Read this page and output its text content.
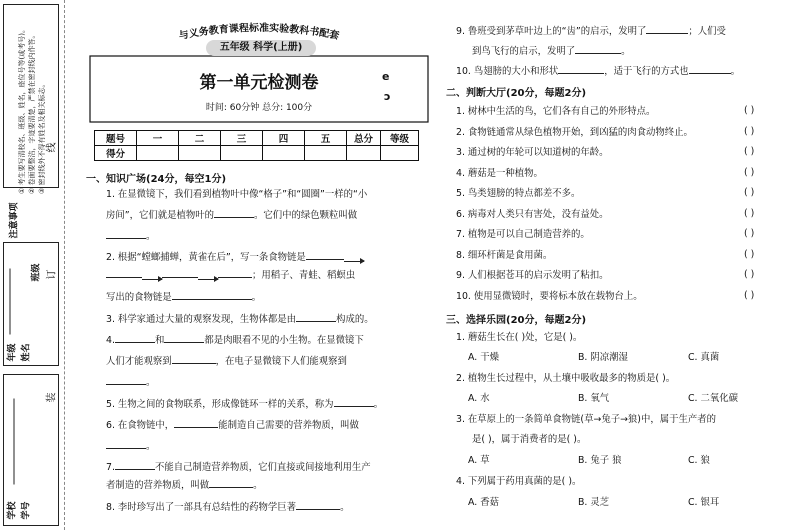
① 考生要写清校名、班级、姓名，座位号等(或考号)。 ② 卷面要整洁，字迹要清楚，严禁在密封线内作答。 ③ 密封线外不得有姓名及相关标志。
注意事项
年级 姓名
班级
学校 学号
线
订
装
与义务教育课程标准实验教科书配套
五年级 科学(上册)
第一单元检测卷
时间: 60分钟 总分: 100分
e
ɔ
题号	一	二	三	四	五	总分	等级
得分							
一、知识广场(24分，每空1分)
1. 在显微镜下，我们看到植物叶中像“格子”和“圆圈”一样的“小
房间”，它们就是植物叶的	。它们中的绿色颗粒叫做
。
2. 根据“螳螂捕蝉，黄雀在后”，写一条食物链是
；用稻子、青蛙、稻螟虫
写出的食物链是	。
3. 科学家通过大量的观察发现，生物体都是由	构成的。
4.	和	都是肉眼看不见的小生物。在显微镜下
人们才能观察到	，在电子显微镜下人们能观察到
。
5. 生物之间的食物联系，形成像链环一样的关系，称为	。
6. 在食物链中，	能制造自己需要的营养物质，叫做
。
7.	不能自己制造营养物质，它们直接或间接地利用生产
者制造的营养物质，叫做	。
8. 李时珍写出了一部具有总结性的药物学巨著	。
9. 鲁班受到茅草叶边上的“齿”的启示，发明了	；人们受
到鸟飞行的启示，发明了	。
10. 鸟翅膀的大小和形状	，适于飞行的方式也	。
二、判断大厅(20分，每题2分)
1. 树林中生活的鸟，它们各有自己的外形特点。	( )
2. 食物链通常从绿色植物开始，到凶猛的肉食动物终止。	( )
3. 通过树的年轮可以知道树的年龄。	( )
4. 蘑菇是一种植物。	( )
5. 鸟类翅膀的特点都差不多。	( )
6. 病毒对人类只有害处，没有益处。	( )
7. 植物是可以自己制造营养的。	( )
8. 细环杆菌是食用菌。	( )
9. 人们根据苍耳的启示发明了粘扣。	( )
10. 使用显微镜时，要将标本放在载物台上。	( )
三、选择乐园(20分，每题2分)
1. 蘑菇生长在( )处，它是( )。
A. 干燥	B. 阴凉潮湿	C. 真菌
2. 植物生长过程中，从土壤中吸收最多的物质是( )。
A. 水	B. 氧气	C. 二氧化碳
3. 在草原上的一条简单食物链(草→兔子→狼)中，属于生产者的
是( )，属于消费者的是( )。
A. 草	B. 兔子 狼	C. 狼
4. 下列属于药用真菌的是( )。
A. 香菇	B. 灵芝	C. 银耳
